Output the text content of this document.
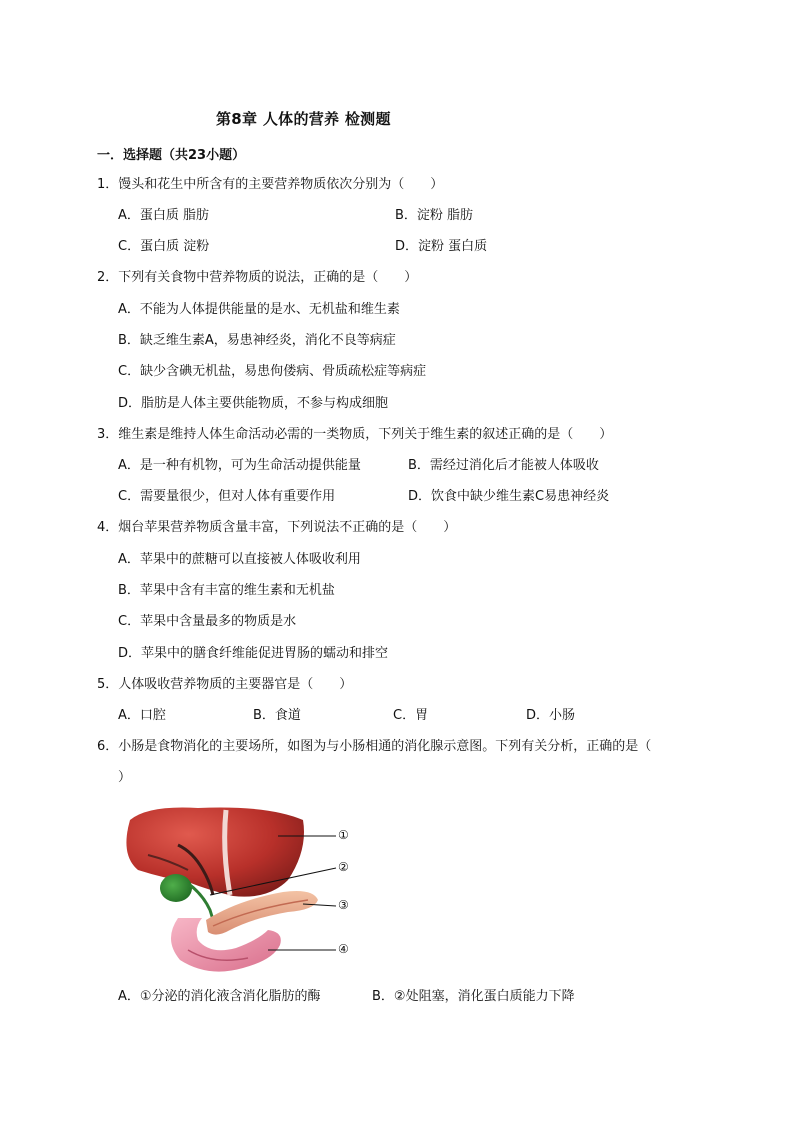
第8章 人体的营养 检测题
一．选择题（共23小题）
1．馒头和花生中所含有的主要营养物质依次分别为（　　）
A．蛋白质 脂肪	B．淀粉 脂肪
C．蛋白质 淀粉	D．淀粉 蛋白质
2．下列有关食物中营养物质的说法，正确的是（　　）
A．不能为人体提供能量的是水、无机盐和维生素
B．缺乏维生素A，易患神经炎，消化不良等病症
C．缺少含碘无机盐，易患佝偻病、骨质疏松症等病症
D．脂肪是人体主要供能物质，不参与构成细胞
3．维生素是维持人体生命活动必需的一类物质，下列关于维生素的叙述正确的是（　　）
A．是一种有机物，可为生命活动提供能量	B．需经过消化后才能被人体吸收
C．需要量很少，但对人体有重要作用	D．饮食中缺少维生素C易患神经炎
4．烟台苹果营养物质含量丰富，下列说法不正确的是（　　）
A．苹果中的蔗糖可以直接被人体吸收利用
B．苹果中含有丰富的维生素和无机盐
C．苹果中含量最多的物质是水
D．苹果中的膳食纤维能促进胃肠的蠕动和排空
5．人体吸收营养物质的主要器官是（　　）
A．口腔	B．食道	C．胃	D．小肠
6．小肠是食物消化的主要场所，如图为与小肠相通的消化腺示意图。下列有关分析，正确的是（
）
①
②
③
④
A．①分泌的消化液含消化脂肪的酶	B．②处阻塞，消化蛋白质能力下降
